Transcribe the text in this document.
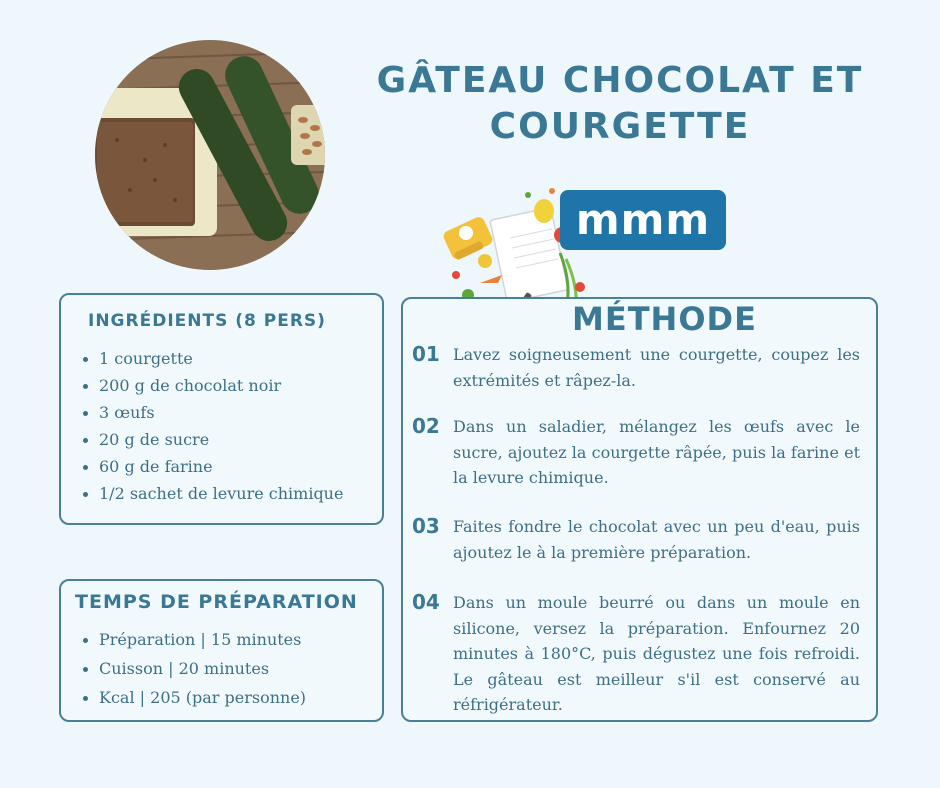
GÂTEAU CHOCOLAT ET
COURGETTE
mmm
INGRÉDIENTS (8 PERS)
1 courgette
200 g de chocolat noir
3 œufs
20 g de sucre
60 g de farine
1/2 sachet de levure chimique
TEMPS DE PRÉPARATION
Préparation | 15 minutes
Cuisson | 20 minutes
Kcal | 205 (par personne)
MÉTHODE
01 Lavez soigneusement une courgette, coupez les extrémités et râpez-la.
02 Dans un saladier, mélangez les œufs avec le sucre, ajoutez la courgette râpée, puis la farine et la levure chimique.
03 Faites fondre le chocolat avec un peu d'eau, puis ajoutez le à la première préparation.
04 Dans un moule beurré ou dans un moule en silicone, versez la préparation. Enfournez 20 minutes à 180°C, puis dégustez une fois refroidi. Le gâteau est meilleur s'il est conservé au réfrigérateur.
